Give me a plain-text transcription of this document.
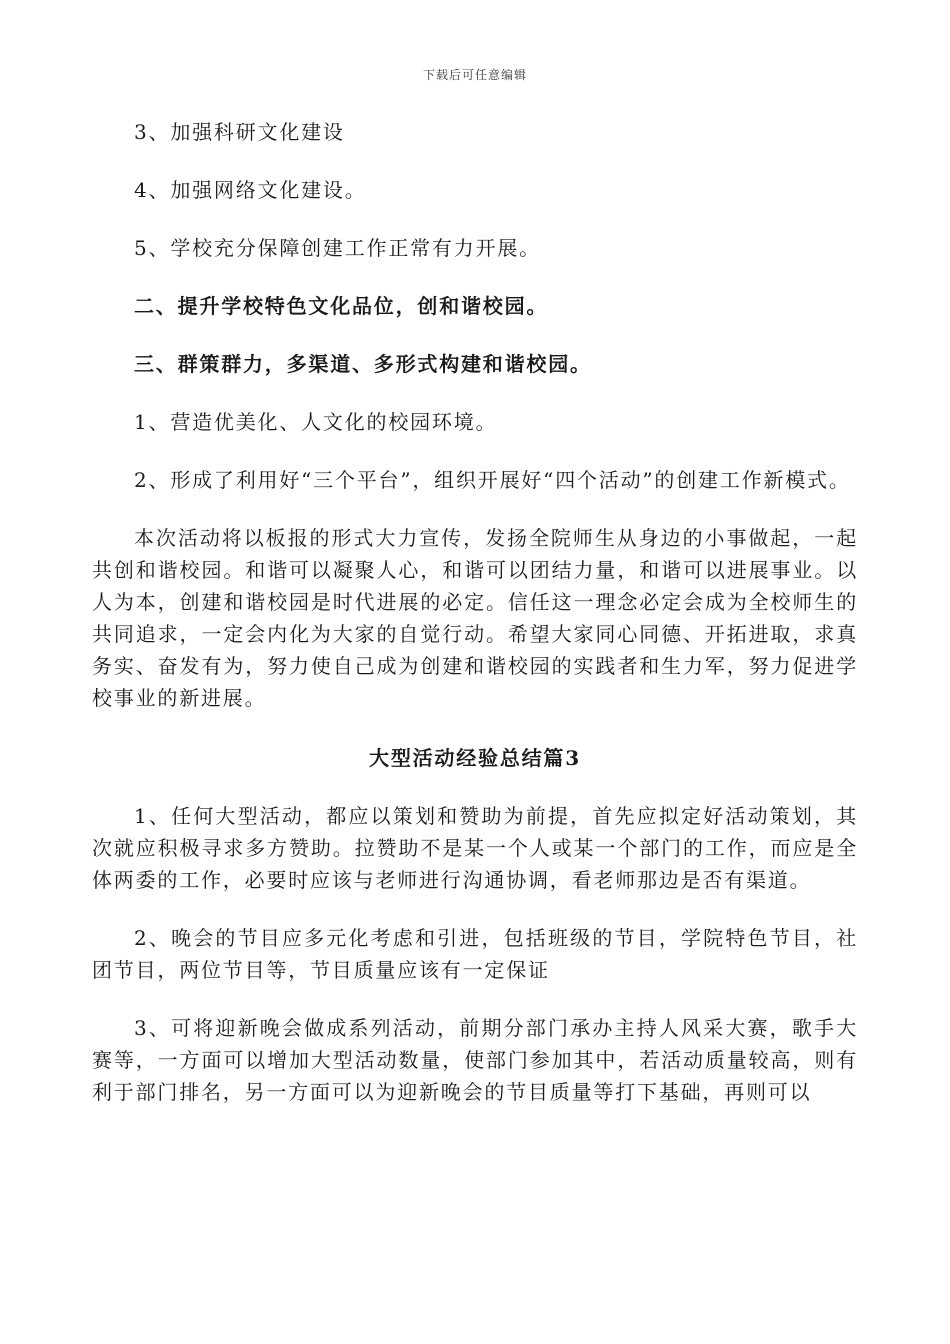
下载后可任意编辑

3、加强科研文化建设

4、加强网络文化建设。

5、学校充分保障创建工作正常有力开展。

二、提升学校特色文化品位，创和谐校园。

三、群策群力，多渠道、多形式构建和谐校园。

1、营造优美化、人文化的校园环境。

2、形成了利用好“三个平台”，组织开展好“四个活动”的创建工作新模式。

本次活动将以板报的形式大力宣传，发扬全院师生从身边的小事做起，一起共创和谐校园。和谐可以凝聚人心，和谐可以团结力量，和谐可以进展事业。以人为本，创建和谐校园是时代进展的必定。信任这一理念必定会成为全校师生的共同追求，一定会内化为大家的自觉行动。希望大家同心同德、开拓进取，求真务实、奋发有为，努力使自己成为创建和谐校园的实践者和生力军，努力促进学校事业的新进展。

大型活动经验总结篇3

1、任何大型活动，都应以策划和赞助为前提，首先应拟定好活动策划，其次就应积极寻求多方赞助。拉赞助不是某一个人或某一个部门的工作，而应是全体两委的工作，必要时应该与老师进行沟通协调，看老师那边是否有渠道。

2、晚会的节目应多元化考虑和引进，包括班级的节目，学院特色节目，社团节目，两位节目等，节目质量应该有一定保证

3、可将迎新晚会做成系列活动，前期分部门承办主持人风采大赛，歌手大赛等，一方面可以增加大型活动数量，使部门参加其中，若活动质量较高，则有利于部门排名，另一方面可以为迎新晚会的节目质量等打下基础，再则可以
